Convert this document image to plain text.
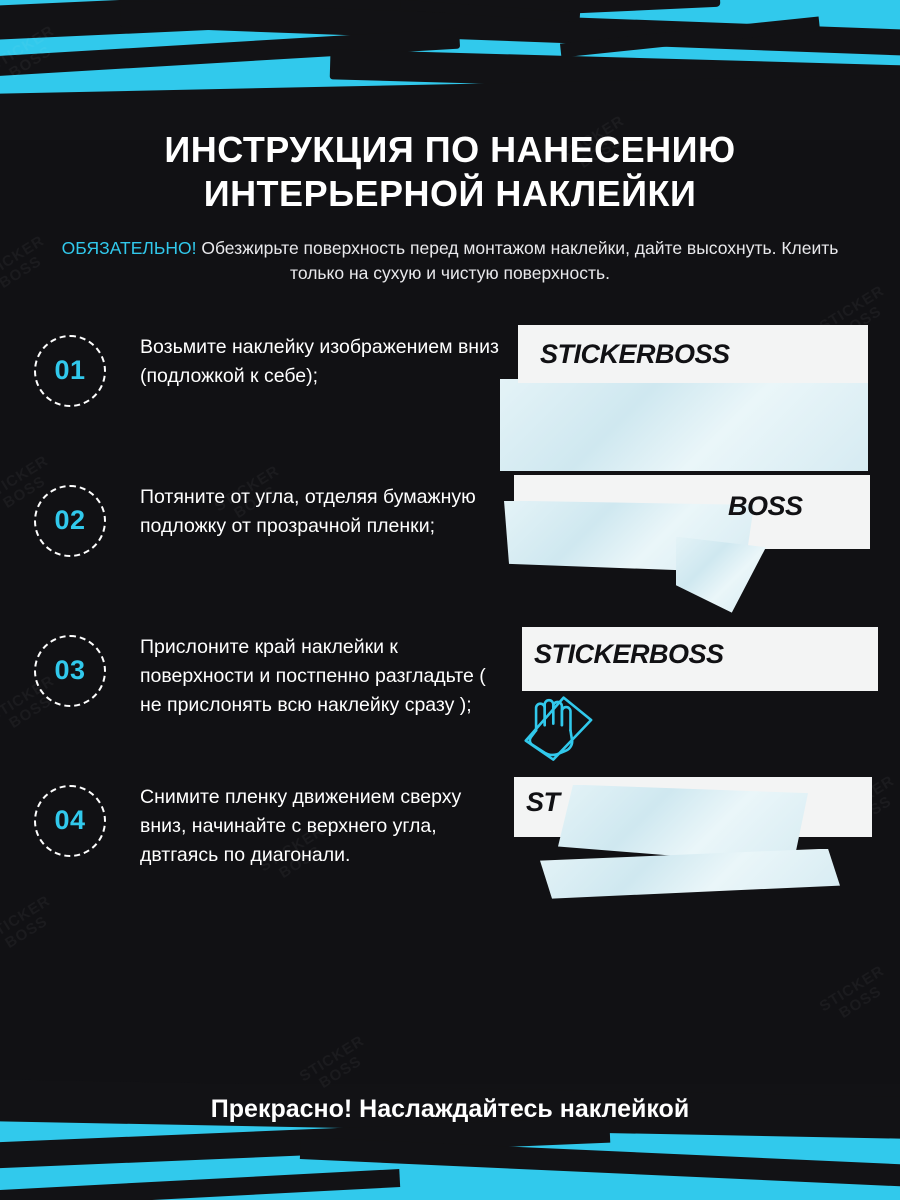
ИНСТРУКЦИЯ ПО НАНЕСЕНИЮ
ИНТЕРЬЕРНОЙ НАКЛЕЙКИ

ОБЯЗАТЕЛЬНО! Обезжирьте поверхность перед монтажом наклейки, дайте высохнуть. Клеить только на сухую и чистую поверхность.

01
Возьмите наклейку изображением вниз (подложкой к себе);
STICKERBOSS
02
Потяните от угла, отделяя бумажную подложку от прозрачной пленки;
BOSS
03
Прислоните край наклейки к поверхности и постпенно разгладьте ( не прислонять всю наклейку сразу );
STICKERBOSS
04
Снимите пленку движением сверху вниз, начинайте с верхнего угла, двтгаясь по диагонали.
ST
Прекрасно! Наслаждайтесь наклейкой
